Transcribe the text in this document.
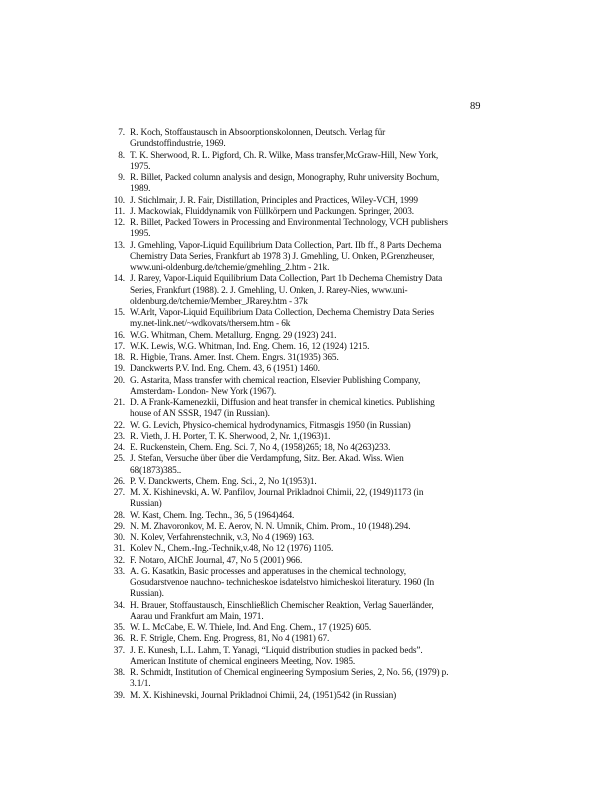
89
7. R. Koch, Stoffaustausch in Absoorptionskolonnen, Deutsch. Verlag für Grundstoffindustrie, 1969.
8. T. K. Sherwood, R. L. Pigford, Ch. R. Wilke, Mass transfer,McGraw-Hill, New York, 1975.
9. R. Billet, Packed column analysis and design, Monography, Ruhr university Bochum, 1989.
10. J. Stichlmair, J. R. Fair, Distillation, Principles and Practices, Wiley-VCH, 1999
11. J. Mackowiak, Fluiddynamik von Füllkörpern und Packungen. Springer, 2003.
12. R. Billet, Packed Towers in Processing and Environmental Technology, VCH publishers 1995.
13. J. Gmehling, Vapor-Liquid Equilibrium Data Collection, Part. IIb ff., 8 Parts Dechema Chemistry Data Series, Frankfurt ab 1978 3) J. Gmehling, U. Onken, P.Grenzheuser, www.uni-oldenburg.de/tchemie/gmehling_2.htm - 21k.
14. J. Rarey, Vapor-Liquid Equilibrium Data Collection, Part 1b Dechema Chemistry Data Series, Frankfurt (1988). 2. J. Gmehling, U. Onken, J. Rarey-Nies, www.uni-oldenburg.de/tchemie/Member_JRarey.htm - 37k
15. W.Arlt, Vapor-Liquid Equilibrium Data Collection, Dechema Chemistry Data Series my.net-link.net/~wdkovats/thersem.htm - 6k
16. W.G. Whitman, Chem. Metallurg. Engng. 29 (1923) 241.
17. W.K. Lewis, W.G. Whitman, Ind. Eng. Chem. 16, 12 (1924) 1215.
18. R. Higbie, Trans. Amer. Inst. Chem. Engrs. 31(1935) 365.
19. Danckwerts P.V. Ind. Eng. Chem. 43, 6 (1951) 1460.
20. G. Astarita, Mass transfer with chemical reaction, Elsevier Publishing Company, Amsterdam- London- New York (1967).
21. D. A Frank-Kamenezkii, Diffusion and heat transfer in chemical kinetics. Publishing house of AN SSSR, 1947 (in Russian).
22. W. G. Levich, Physico-chemical hydrodynamics, Fitmasgis 1950 (in Russian)
23. R. Vieth, J. H. Porter, T. K. Sherwood, 2, Nr. 1,(1963)1.
24. E. Ruckenstein, Chem. Eng. Sci. 7, No 4, (1958)265; 18, No 4(263)233.
25. J. Stefan, Versuche über über die Verdampfung, Sitz. Ber. Akad. Wiss. Wien 68(1873)385..
26. P. V. Danckwerts, Chem. Eng. Sci., 2, No 1(1953)1.
27. M. X. Kishinevski, A. W. Panfilov, Journal Prikladnoi Chimii, 22, (1949)1173 (in Russian)
28. W. Kast, Chem. Ing. Techn., 36, 5 (1964)464.
29. N. M. Zhavoronkov, M. E. Aerov, N. N. Umnik, Chim. Prom., 10 (1948).294.
30. N. Kolev, Verfahrenstechnik, v.3, No 4 (1969) 163.
31. Kolev N., Chem.-Ing.-Technik,v.48, No 12 (1976) 1105.
32. F. Notaro, AIChE Journal, 47, No 5 (2001) 966.
33. A. G. Kasatkin, Basic processes and apperatuses in the chemical technology, Gosudarstvenoe nauchno- technicheskoe isdatelstvo himicheskoi literatury. 1960 (In Russian).
34. H. Brauer, Stoffaustausch, Einschließlich Chemischer Reaktion, Verlag Sauerländer, Aarau und Frankfurt am Main, 1971.
35. W. L. McCabe, E. W. Thiele, Ind. And Eng. Chem., 17 (1925) 605.
36. R. F. Strigle, Chem. Eng. Progress, 81, No 4 (1981) 67.
37. J. E. Kunesh, L.L. Lahm, T. Yanagi, “Liquid distribution studies in packed beds”. American Institute of chemical engineers Meeting, Nov. 1985.
38. R. Schmidt, Institution of Chemical engineering Symposium Series, 2, No. 56, (1979) p. 3.1/1.
39. M. X. Kishinevski, Journal Prikladnoi Chimii, 24, (1951)542 (in Russian)
